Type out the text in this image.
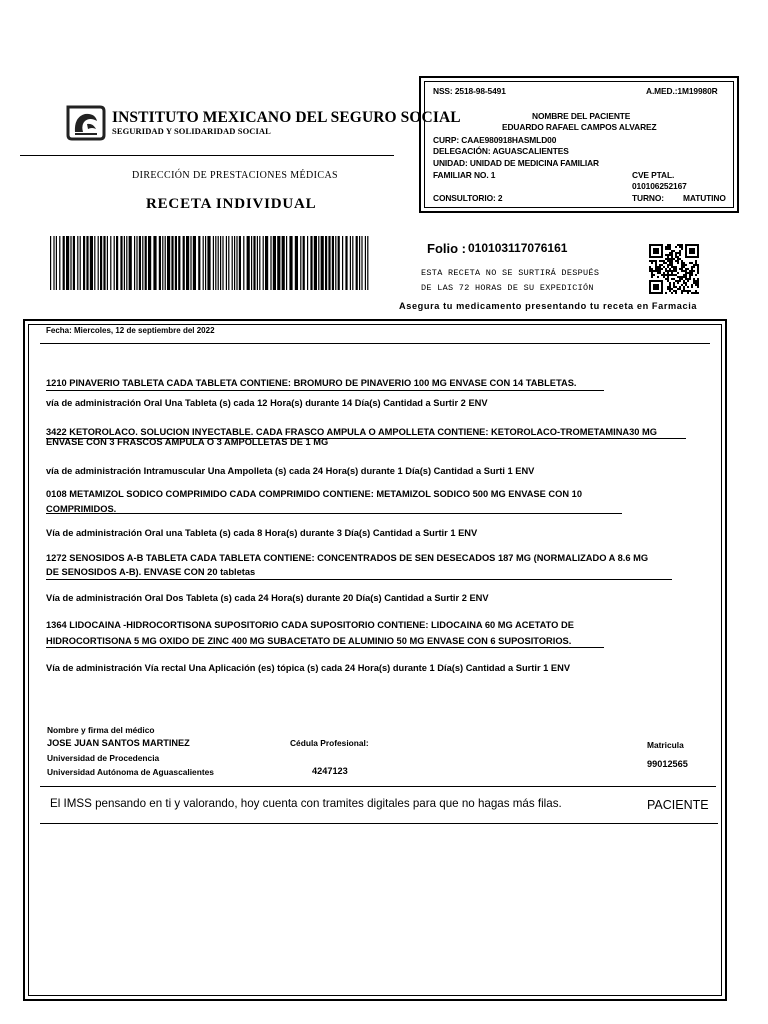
INSTITUTO MEXICANO DEL SEGURO SOCIAL
SEGURIDAD Y SOLIDARIDAD SOCIAL
DIRECCIÓN DE PRESTACIONES MÉDICAS
RECETA INDIVIDUAL
NSS: 2518-98-5491	A.MED.:1M19980R
NOMBRE DEL PACIENTE
EDUARDO RAFAEL CAMPOS ALVAREZ
CURP: CAAE980918HASMLD00
DELEGACIÓN: AGUASCALIENTES
UNIDAD: UNIDAD DE MEDICINA FAMILIAR
FAMILIAR NO. 1	CVE PTAL.
010106252167
CONSULTORIO: 2	TURNO: MATUTINO
Folio : 010103117076161
ESTA RECETA NO SE SURTIRÁ DESPUÉS
DE LAS 72 HORAS DE SU EXPEDICIÓN
Asegura tu medicamento presentando tu receta en Farmacia
Fecha: Miercoles, 12 de septiembre del 2022
1210 PINAVERIO TABLETA CADA TABLETA CONTIENE: BROMURO DE PINAVERIO 100 MG ENVASE CON 14 TABLETAS.
vía de administración Oral Una Tableta (s) cada 12 Hora(s) durante 14 Día(s) Cantidad a Surtir 2 ENV
3422 KETOROLACO. SOLUCION INYECTABLE. CADA FRASCO AMPULA O AMPOLLETA CONTIENE: KETOROLACO-TROMETAMINA30 MG
ENVASE CON 3 FRASCOS AMPULA O 3 AMPOLLETAS DE 1 MG
vía de administración Intramuscular Una Ampolleta (s) cada 24 Hora(s) durante 1 Día(s) Cantidad a Surti 1 ENV
0108 METAMIZOL SODICO COMPRIMIDO CADA COMPRIMIDO CONTIENE: METAMIZOL SODICO 500 MG ENVASE CON 10
COMPRIMIDOS.
Vía de administración Oral una Tableta (s) cada 8 Hora(s) durante 3 Día(s) Cantidad a Surtir 1 ENV
1272 SENOSIDOS A-B TABLETA CADA TABLETA CONTIENE: CONCENTRADOS DE SEN DESECADOS 187 MG (NORMALIZADO A 8.6 MG
DE SENOSIDOS A-B). ENVASE CON 20 tabletas
Vía de administración Oral Dos Tableta (s) cada 24 Hora(s) durante 20 Día(s) Cantidad a Surtir 2 ENV
1364 LIDOCAINA -HIDROCORTISONA SUPOSITORIO CADA SUPOSITORIO CONTIENE: LIDOCAINA 60 MG ACETATO DE
HIDROCORTISONA 5 MG OXIDO DE ZINC 400 MG SUBACETATO DE ALUMINIO 50 MG ENVASE CON 6 SUPOSITORIOS.
Vía de administración Vía rectal Una Aplicación (es) tópica (s) cada 24 Hora(s) durante 1 Día(s) Cantidad a Surtir 1 ENV
Nombre y firma del médico
JOSE JUAN SANTOS MARTINEZ
Universidad de Procedencia
Universidad Autónoma de Aguascalientes
Cédula Profesional:
4247123
Matricula
99012565
El IMSS pensando en ti y valorando, hoy cuenta con tramites digitales para que no hagas más filas.	PACIENTE
